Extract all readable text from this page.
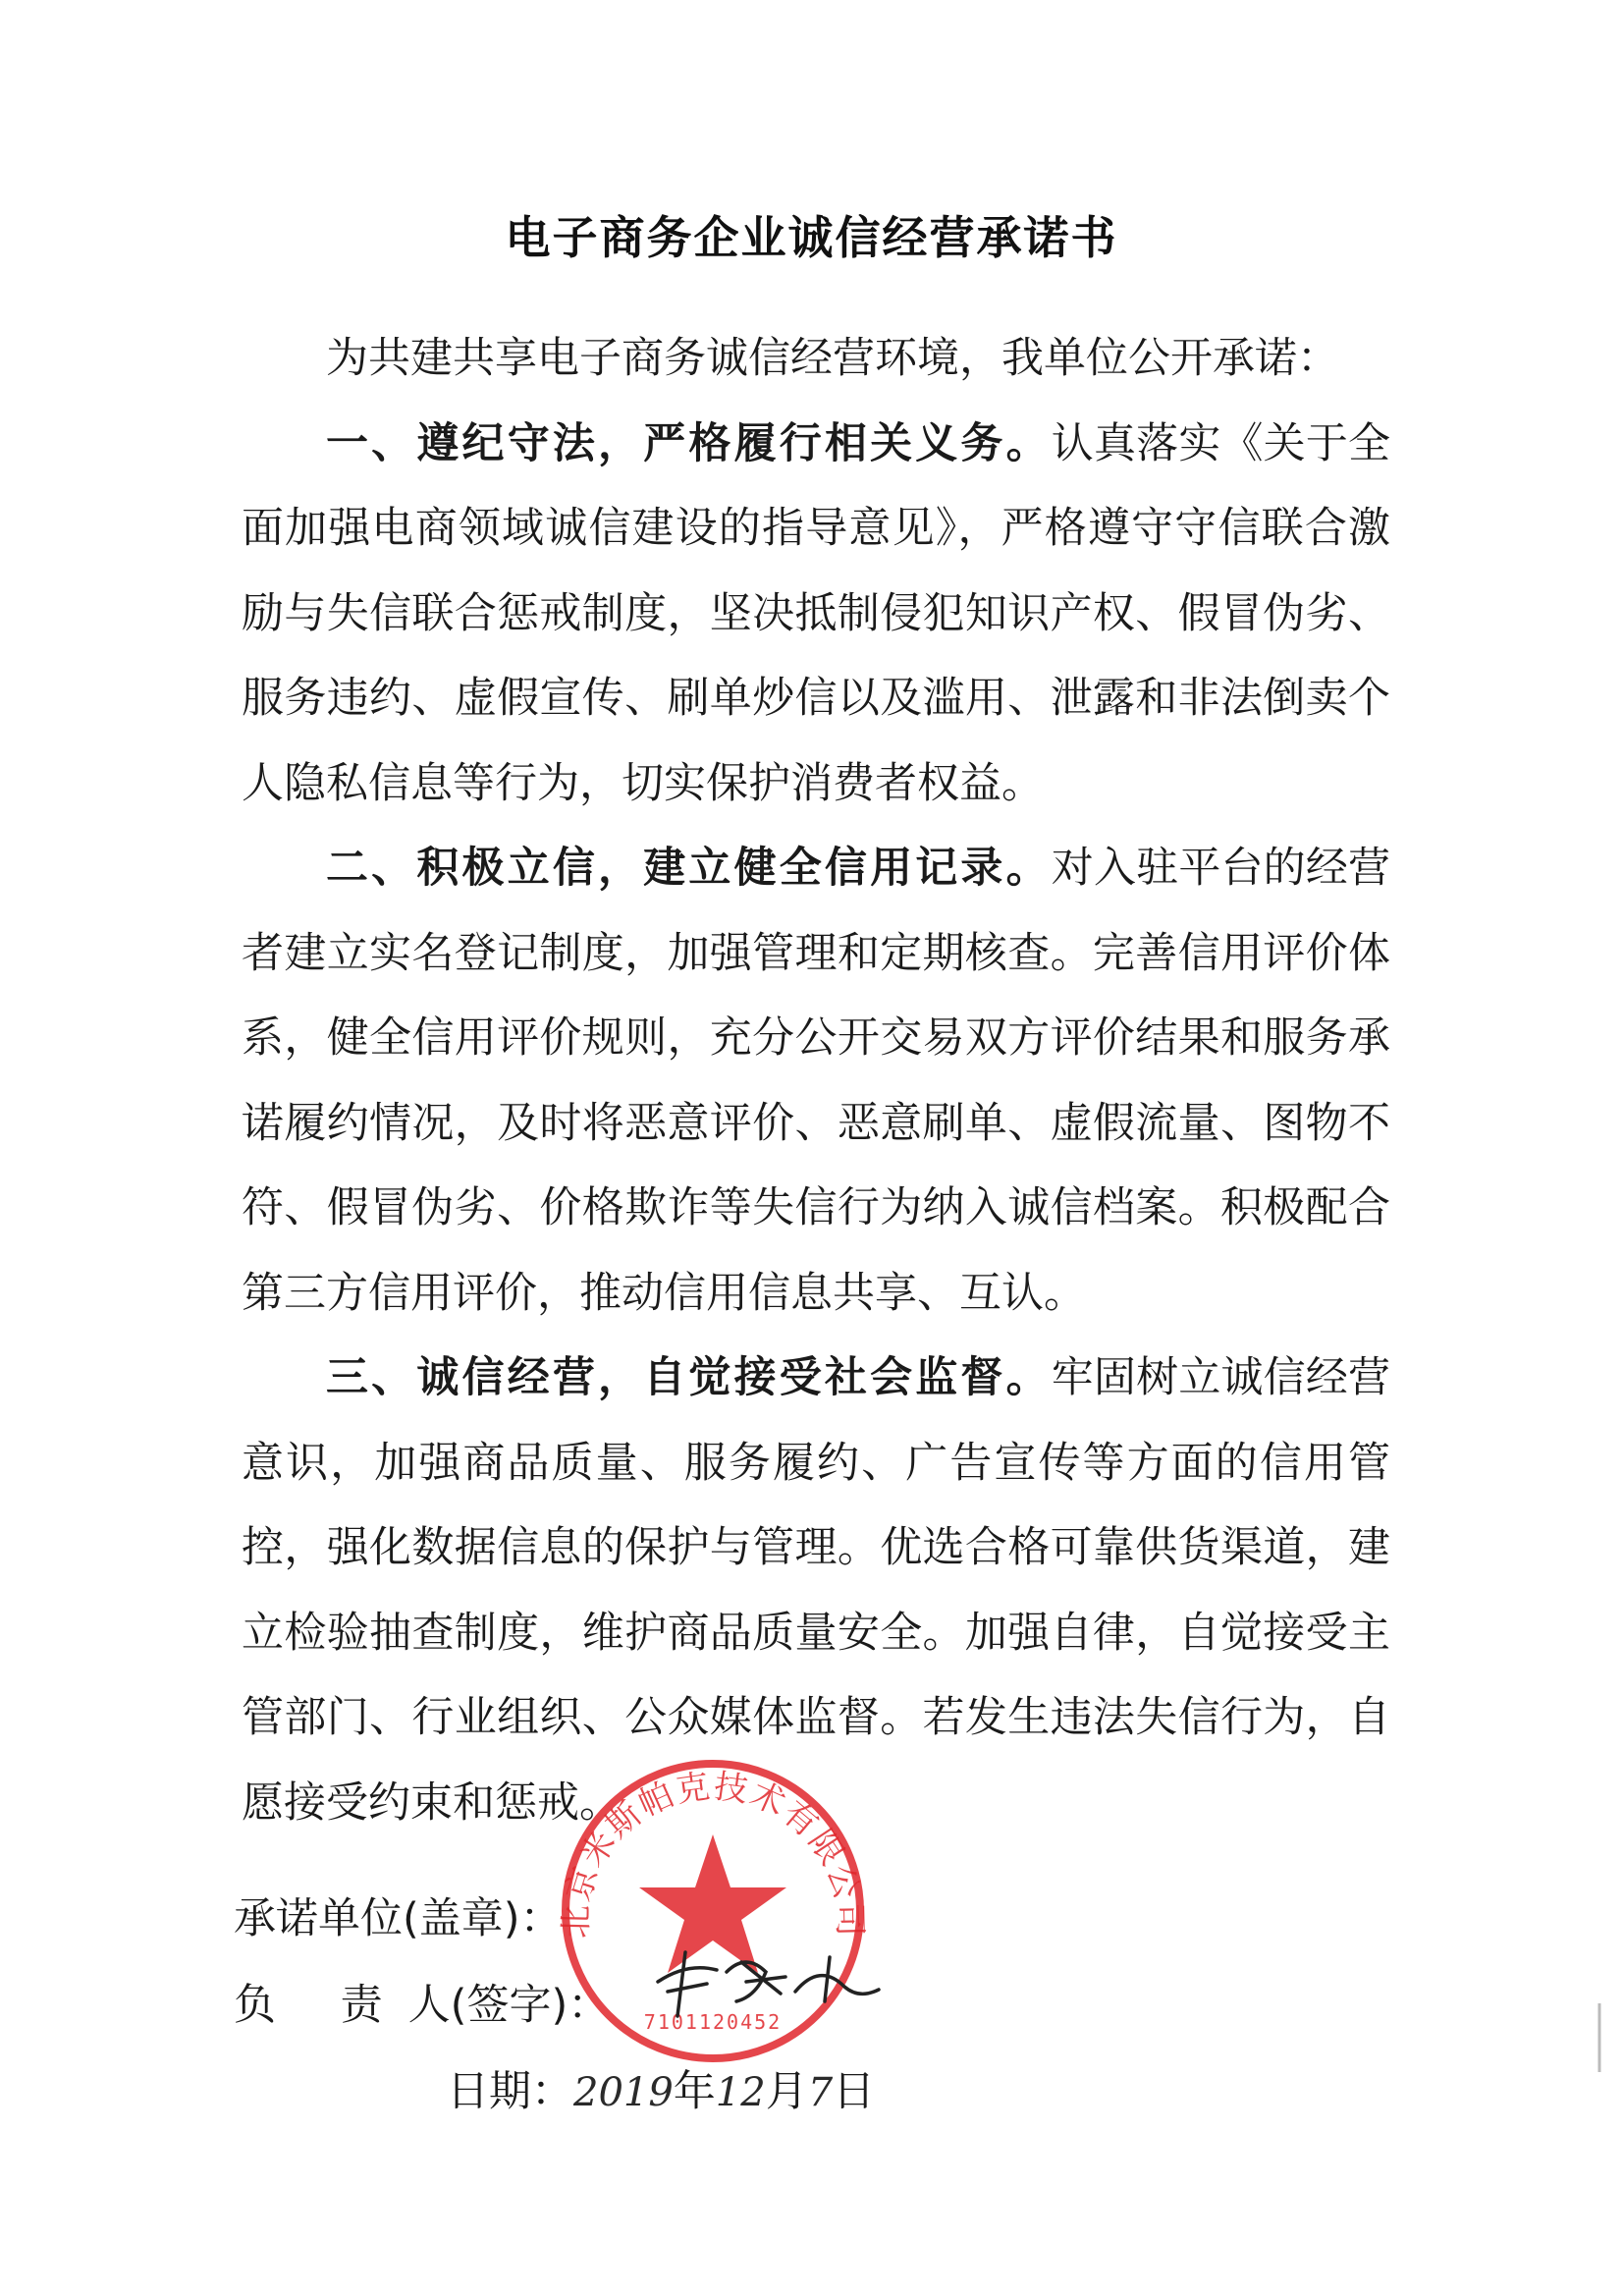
电子商务企业诚信经营承诺书

为共建共享电子商务诚信经营环境，我单位公开承诺：

一、遵纪守法，严格履行相关义务。认真落实《关于全面加强电商领域诚信建设的指导意见》，严格遵守守信联合激励与失信联合惩戒制度，坚决抵制侵犯知识产权、假冒伪劣、服务违约、虚假宣传、刷单炒信以及滥用、泄露和非法倒卖个人隐私信息等行为，切实保护消费者权益。

二、积极立信，建立健全信用记录。对入驻平台的经营者建立实名登记制度，加强管理和定期核查。完善信用评价体系，健全信用评价规则，充分公开交易双方评价结果和服务承诺履约情况，及时将恶意评价、恶意刷单、虚假流量、图物不符、假冒伪劣、价格欺诈等失信行为纳入诚信档案。积极配合第三方信用评价，推动信用信息共享、互认。

三、诚信经营，自觉接受社会监督。牢固树立诚信经营意识，加强商品质量、服务履约、广告宣传等方面的信用管控，强化数据信息的保护与管理。优选合格可靠供货渠道，建立检验抽查制度，维护商品质量安全。加强自律，自觉接受主管部门、行业组织、公众媒体监督。若发生违法失信行为，自愿接受约束和惩戒。

承诺单位(盖章)：
负 责人(签字)：
日期：2019年12月7日
北京米斯帕克技术有限公司
7101120452
